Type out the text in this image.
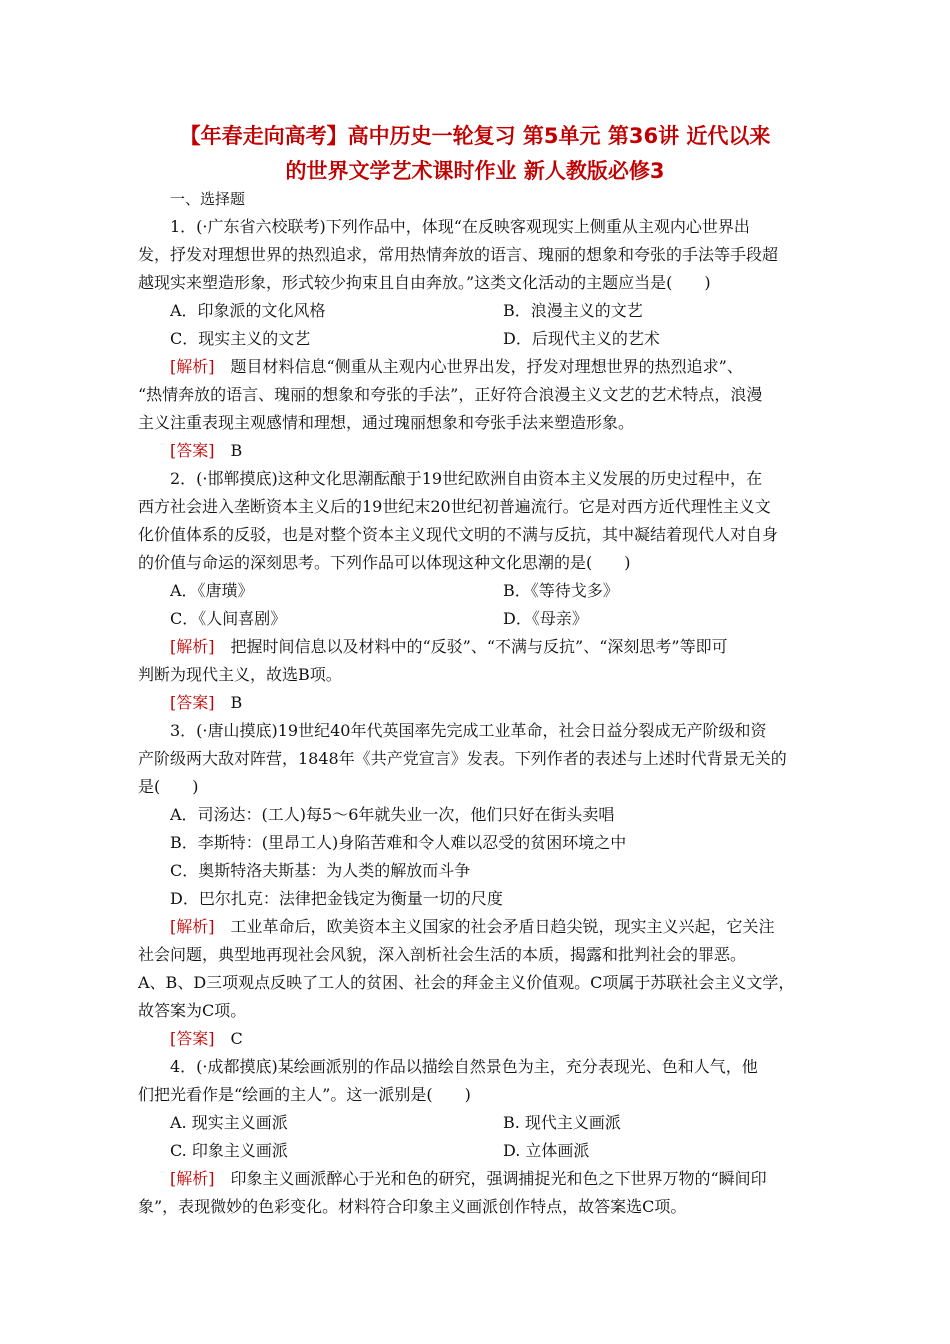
【年春走向高考】高中历史一轮复习 第5单元 第36讲 近代以来
的世界文学艺术课时作业 新人教版必修3
一、选择题
1．(·广东省六校联考)下列作品中，体现“在反映客观现实上侧重从主观内心世界出
发，抒发对理想世界的热烈追求，常用热情奔放的语言、瑰丽的想象和夸张的手法等手段超
越现实来塑造形象，形式较少拘束且自由奔放。”这类文化活动的主题应当是(　　)
A．印象派的文化风格	B．浪漫主义的文艺
C．现实主义的文艺	D．后现代主义的艺术
[解析]　题目材料信息“侧重从主观内心世界出发，抒发对理想世界的热烈追求”、
“热情奔放的语言、瑰丽的想象和夸张的手法”，正好符合浪漫主义文艺的艺术特点，浪漫
主义注重表现主观感情和理想，通过瑰丽想象和夸张手法来塑造形象。
[答案]　B
2．(·邯郸摸底)这种文化思潮酝酿于19世纪欧洲自由资本主义发展的历史过程中，在
西方社会进入垄断资本主义后的19世纪末20世纪初普遍流行。它是对西方近代理性主义文
化价值体系的反驳，也是对整个资本主义现代文明的不满与反抗，其中凝结着现代人对自身
的价值与命运的深刻思考。下列作品可以体现这种文化思潮的是(　　)
A．《唐璜》	B．《等待戈多》
C．《人间喜剧》	D．《母亲》
[解析]　把握时间信息以及材料中的“反驳”、“不满与反抗”、“深刻思考”等即可
判断为现代主义，故选B项。
[答案]　B
3．(·唐山摸底)19世纪40年代英国率先完成工业革命，社会日益分裂成无产阶级和资
产阶级两大敌对阵营，1848年《共产党宣言》发表。下列作者的表述与上述时代背景无关的
是(　　)
A．司汤达：(工人)每5～6年就失业一次，他们只好在街头卖唱
B．李斯特：(里昂工人)身陷苦难和令人难以忍受的贫困环境之中
C．奥斯特洛夫斯基：为人类的解放而斗争
D．巴尔扎克：法律把金钱定为衡量一切的尺度
[解析]　工业革命后，欧美资本主义国家的社会矛盾日趋尖锐，现实主义兴起，它关注
社会问题，典型地再现社会风貌，深入剖析社会生活的本质，揭露和批判社会的罪恶。
A、B、D三项观点反映了工人的贫困、社会的拜金主义价值观。C项属于苏联社会主义文学，
故答案为C项。
[答案]　C
4．(·成都摸底)某绘画派别的作品以描绘自然景色为主，充分表现光、色和人气，他
们把光看作是“绘画的主人”。这一派别是(　　)
A. 现实主义画派	B. 现代主义画派
C. 印象主义画派	D. 立体画派
[解析]　印象主义画派醉心于光和色的研究，强调捕捉光和色之下世界万物的“瞬间印
象”，表现微妙的色彩变化。材料符合印象主义画派创作特点，故答案选C项。
